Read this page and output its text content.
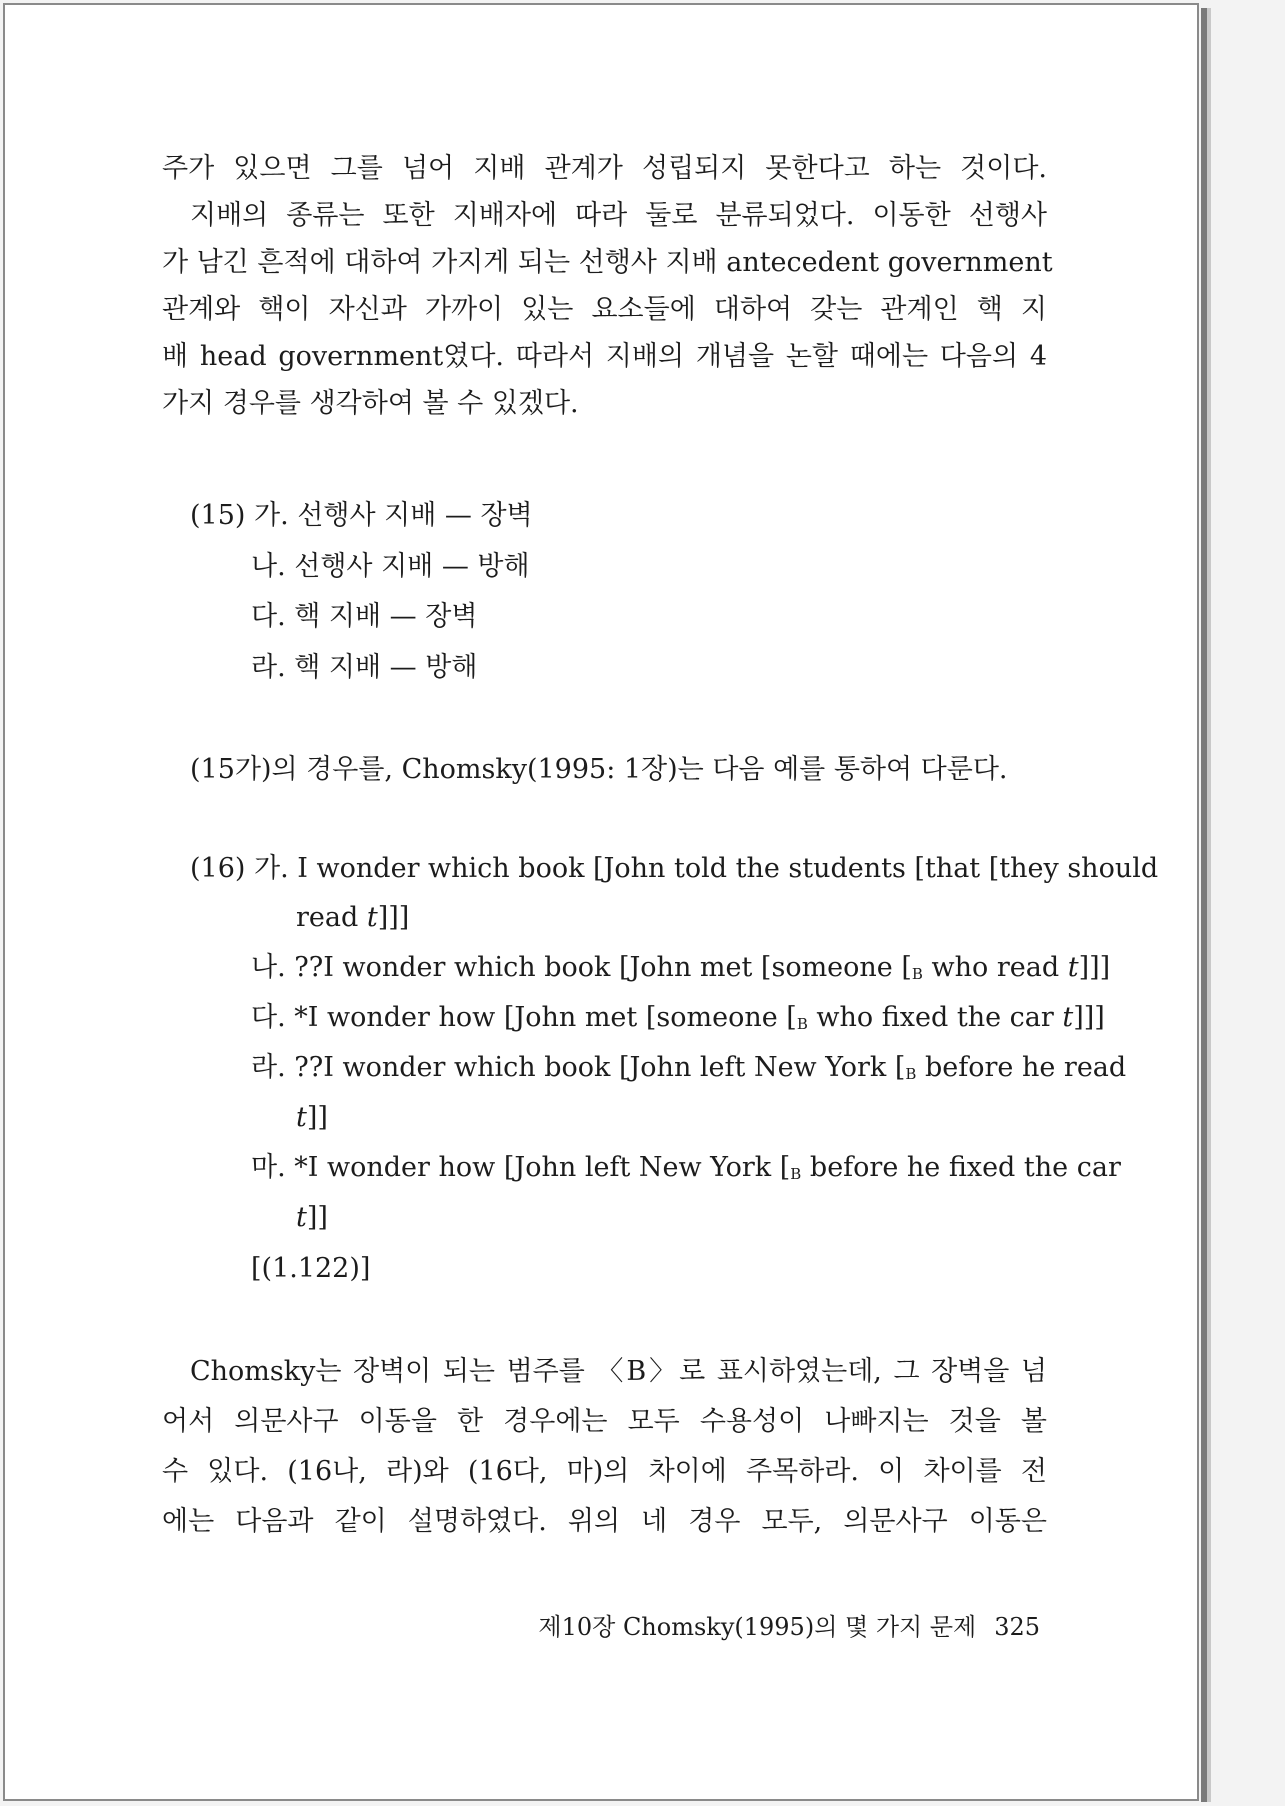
주가 있으면 그를 넘어 지배 관계가 성립되지 못한다고 하는 것이다.
지배의 종류는 또한 지배자에 따라 둘로 분류되었다. 이동한 선행사
가 남긴 흔적에 대하여 가지게 되는 선행사 지배 antecedent government
관계와 핵이 자신과 가까이 있는 요소들에 대하여 갖는 관계인 핵 지
배 head government였다. 따라서 지배의 개념을 논할 때에는 다음의 4
가지 경우를 생각하여 볼 수 있겠다.
(15) 가. 선행사 지배 — 장벽
나. 선행사 지배 — 방해
다. 핵 지배 — 장벽
라. 핵 지배 — 방해
(15가)의 경우를, Chomsky(1995: 1장)는 다음 예를 통하여 다룬다.
(16) 가. I wonder which book [John told the students [that [they should
read t]]]
나. ??I wonder which book [John met [someone [B who read t]]]
다. *I wonder how [John met [someone [B who fixed the car t]]]
라. ??I wonder which book [John left New York [B before he read
t]]
마. *I wonder how [John left New York [B before he fixed the car
t]]
[(1.122)]
Chomsky는 장벽이 되는 범주를 〈B〉로 표시하였는데, 그 장벽을 넘
어서 의문사구 이동을 한 경우에는 모두 수용성이 나빠지는 것을 볼
수 있다. (16나, 라)와 (16다, 마)의 차이에 주목하라. 이 차이를 전
에는 다음과 같이 설명하였다. 위의 네 경우 모두, 의문사구 이동은
제10장 Chomsky(1995)의 몇 가지 문제 325
